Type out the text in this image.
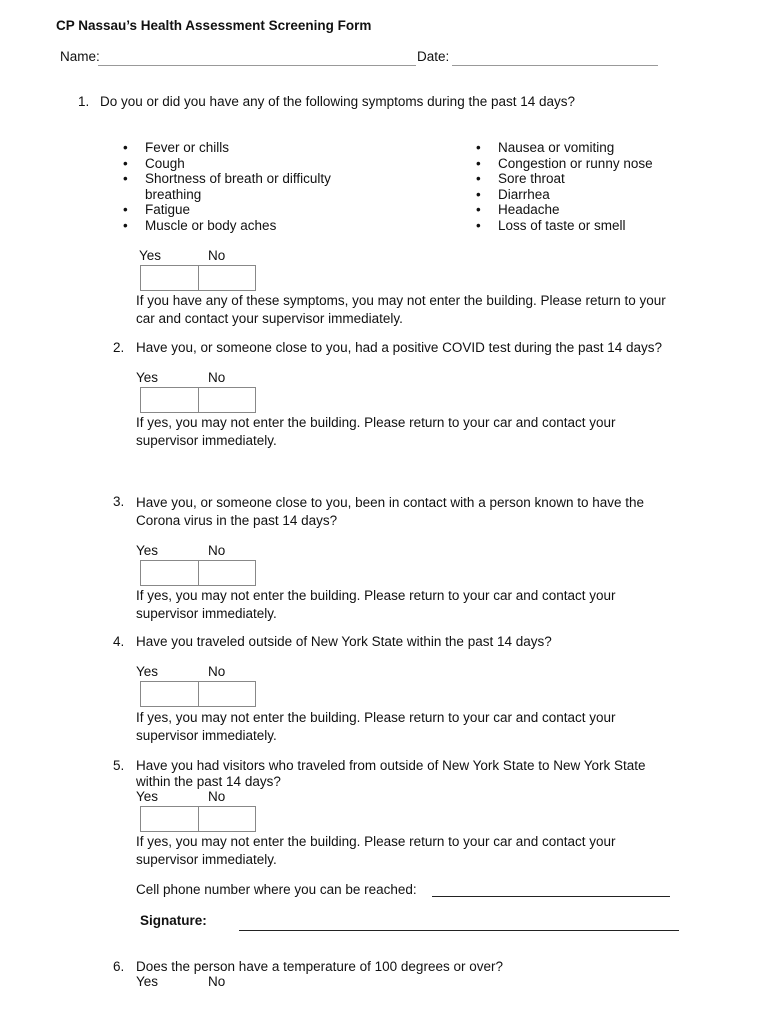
CP Nassau’s Health Assessment Screening Form
Name:	Date:
1. Do you or did you have any of the following symptoms during the past 14 days?
• Fever or chills
• Cough
• Shortness of breath or difficulty breathing
• Fatigue
• Muscle or body aches
• Nausea or vomiting
• Congestion or runny nose
• Sore throat
• Diarrhea
• Headache
• Loss of taste or smell
Yes	No
If you have any of these symptoms, you may not enter the building. Please return to your car and contact your supervisor immediately.
2. Have you, or someone close to you, had a positive COVID test during the past 14 days?
Yes	No
If yes, you may not enter the building. Please return to your car and contact your supervisor immediately.
3. Have you, or someone close to you, been in contact with a person known to have the Corona virus in the past 14 days?
Yes	No
If yes, you may not enter the building. Please return to your car and contact your supervisor immediately.
4. Have you traveled outside of New York State within the past 14 days?
Yes	No
If yes, you may not enter the building. Please return to your car and contact your supervisor immediately.
5. Have you had visitors who traveled from outside of New York State to New York State within the past 14 days?
Yes	No
If yes, you may not enter the building. Please return to your car and contact your supervisor immediately.
Cell phone number where you can be reached:
Signature:
6. Does the person have a temperature of 100 degrees or over?
Yes	No
